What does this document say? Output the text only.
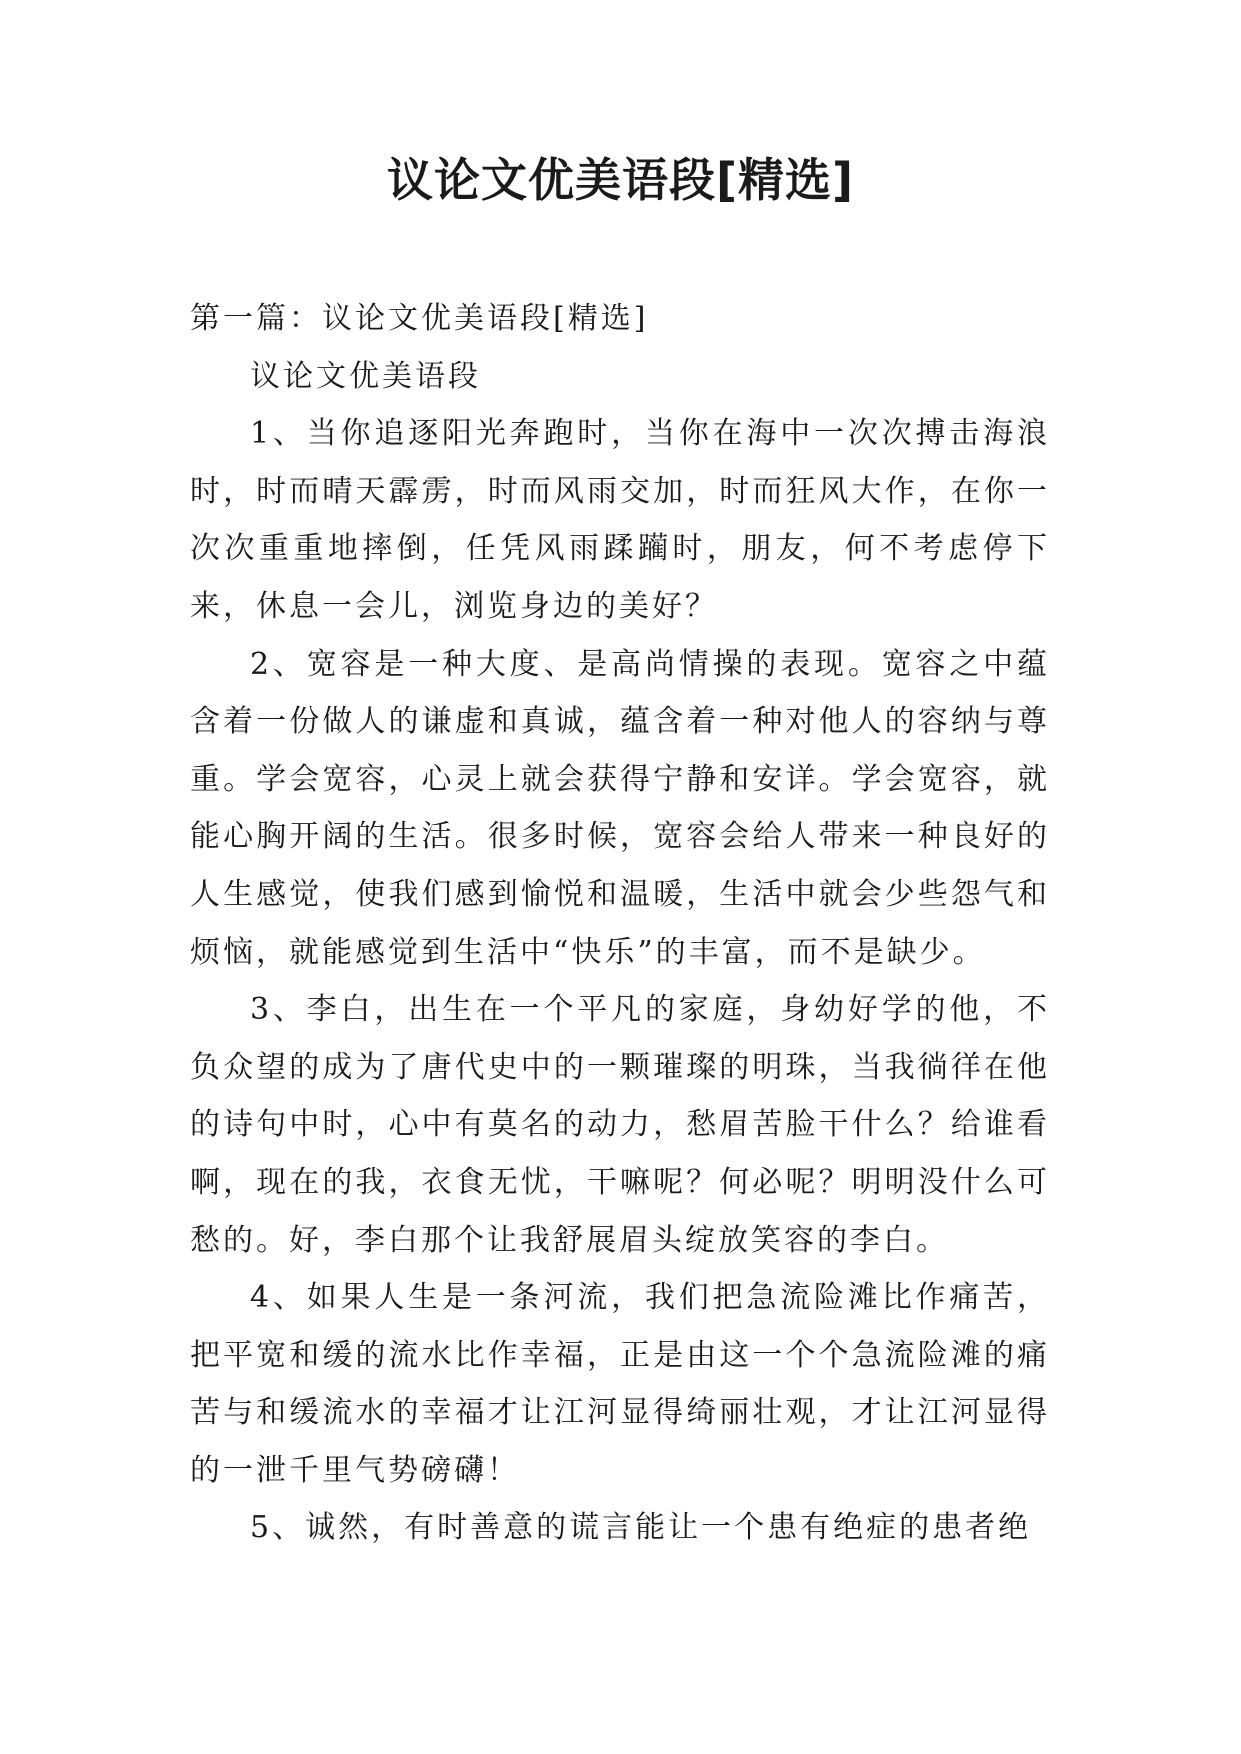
议论文优美语段[精选]

第一篇：议论文优美语段[精选]

议论文优美语段

1、当你追逐阳光奔跑时，当你在海中一次次搏击海浪时，时而晴天霹雳，时而风雨交加，时而狂风大作，在你一次次重重地摔倒，任凭风雨蹂躏时，朋友，何不考虑停下来，休息一会儿，浏览身边的美好？

2、宽容是一种大度、是高尚情操的表现。宽容之中蕴含着一份做人的谦虚和真诚，蕴含着一种对他人的容纳与尊重。学会宽容，心灵上就会获得宁静和安详。学会宽容，就能心胸开阔的生活。很多时候，宽容会给人带来一种良好的人生感觉，使我们感到愉悦和温暖，生活中就会少些怨气和烦恼，就能感觉到生活中“快乐”的丰富，而不是缺少。

3、李白，出生在一个平凡的家庭，身幼好学的他，不负众望的成为了唐代史中的一颗璀璨的明珠，当我徜徉在他的诗句中时，心中有莫名的动力，愁眉苦脸干什么？给谁看啊，现在的我，衣食无忧，干嘛呢？何必呢？明明没什么可愁的。好，李白那个让我舒展眉头绽放笑容的李白。

4、如果人生是一条河流，我们把急流险滩比作痛苦，把平宽和缓的流水比作幸福，正是由这一个个急流险滩的痛苦与和缓流水的幸福才让江河显得绮丽壮观，才让江河显得的一泄千里气势磅礴！

5、诚然，有时善意的谎言能让一个患有绝症的患者绝
